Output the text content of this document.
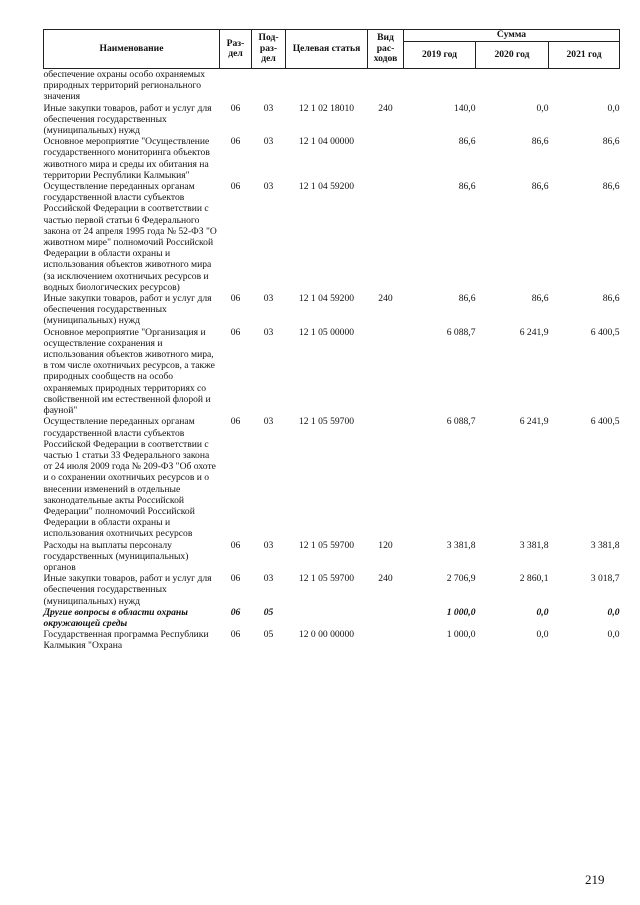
Наименование	Раз- дел	Под- раз- дел	Целевая статья	Вид рас- ходов	Сумма		
					2019 год	2020 год	2021 год
обеспечение охраны особо охраняемых природных территорий регионального значения							
Иные закупки товаров, работ и услуг для обеспечения государственных (муниципальных) нужд	06	03	12 1 02 18010	240	140,0	0,0	0,0
Основное мероприятие "Осуществление государственного мониторинга объектов животного мира и среды их обитания на территории Республики Калмыкия"	06	03	12 1 04 00000		86,6	86,6	86,6
Осуществление переданных органам государственной власти субъектов Российской Федерации в соответствии с частью первой статьи 6 Федерального закона от 24 апреля 1995 года № 52-ФЗ "О животном мире" полномочий Российской Федерации в области охраны и использования объектов животного мира (за исключением охотничьих ресурсов и водных биологических ресурсов)	06	03	12 1 04 59200		86,6	86,6	86,6
Иные закупки товаров, работ и услуг для обеспечения государственных (муниципальных) нужд	06	03	12 1 04 59200	240	86,6	86,6	86,6
Основное мероприятие "Организация и осуществление сохранения и использования объектов животного мира, в том числе охотничьих ресурсов, а также природных сообществ на особо охраняемых природных территориях со свойственной им естественной флорой и фауной"	06	03	12 1 05 00000		6 088,7	6 241,9	6 400,5
Осуществление переданных органам государственной власти субъектов Российской Федерации в соответствии с частью 1 статьи 33 Федерального закона от 24 июля 2009 года № 209-ФЗ "Об охоте и о сохранении охотничьих ресурсов и о внесении изменений в отдельные законодательные акты Российской Федерации" полномочий Российской Федерации в области охраны и использования охотничьих ресурсов	06	03	12 1 05 59700		6 088,7	6 241,9	6 400,5
Расходы на выплаты персоналу государственных (муниципальных) органов	06	03	12 1 05 59700	120	3 381,8	3 381,8	3 381,8
Иные закупки товаров, работ и услуг для обеспечения государственных (муниципальных) нужд	06	03	12 1 05 59700	240	2 706,9	2 860,1	3 018,7
Другие вопросы в области охраны окружающей среды	06	05			1 000,0	0,0	0,0
Государственная программа Республики Калмыкия "Охрана	06	05	12 0 00 00000		1 000,0	0,0	0,0
219
